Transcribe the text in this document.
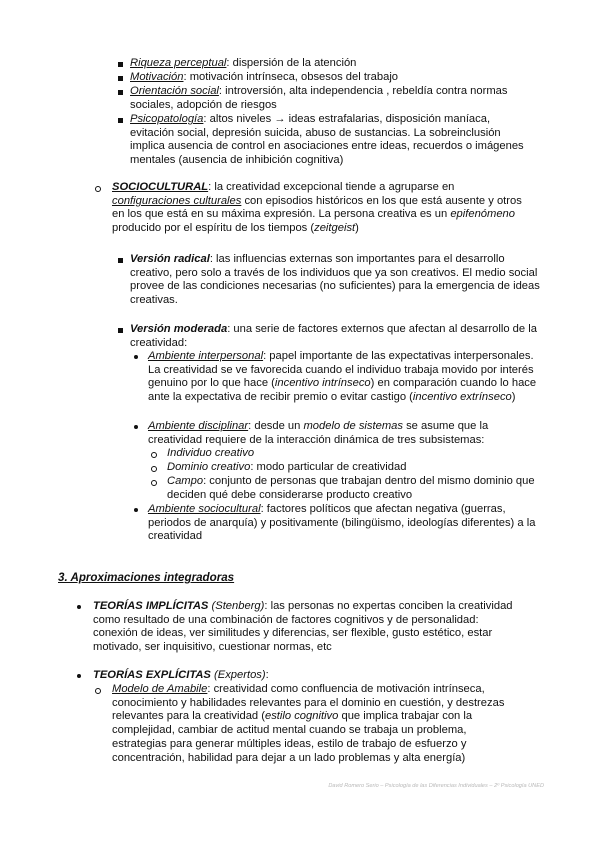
Riqueza perceptual: dispersión de la atención
Motivación: motivación intrínseca, obsesos del trabajo
Orientación social: introversión, alta independencia , rebeldía contra normas sociales, adopción de riesgos
Psicopatología: altos niveles → ideas estrafalarias, disposición maníaca, evitación social, depresión suicida, abuso de sustancias. La sobreinclusión implica ausencia de control en asociaciones entre ideas, recuerdos o imágenes mentales (ausencia de inhibición cognitiva)
SOCIOCULTURAL: la creatividad excepcional tiende a agruparse en configuraciones culturales con episodios históricos en los que está ausente y otros en los que está en su máxima expresión. La persona creativa es un epifenómeno producido por el espíritu de los tiempos (zeitgeist)
Versión radical: las influencias externas son importantes para el desarrollo creativo, pero solo a través de los individuos que ya son creativos. El medio social provee de las condiciones necesarias (no suficientes) para la emergencia de ideas creativas.
Versión moderada: una serie de factores externos que afectan al desarrollo de la creatividad:
Ambiente interpersonal: papel importante de las expectativas interpersonales. La creatividad se ve favorecida cuando el individuo trabaja movido por interés genuino por lo que hace (incentivo intrínseco) en comparación cuando lo hace ante la expectativa de recibir premio o evitar castigo (incentivo extrínseco)
Ambiente disciplinar: desde un modelo de sistemas se asume que la creatividad requiere de la interacción dinámica de tres subsistemas:
Individuo creativo
Dominio creativo: modo particular de creatividad
Campo: conjunto de personas que trabajan dentro del mismo dominio que deciden qué debe considerarse producto creativo
Ambiente sociocultural: factores políticos que afectan negativa (guerras, periodos de anarquía) y positivamente (bilingüismo, ideologías diferentes) a la creatividad
3. Aproximaciones integradoras
TEORÍAS IMPLÍCITAS (Stenberg): las personas no expertas conciben la creatividad como resultado de una combinación de factores cognitivos y de personalidad: conexión de ideas, ver similitudes y diferencias, ser flexible, gusto estético, estar motivado, ser inquisitivo, cuestionar normas, etc
TEORÍAS EXPLÍCITAS (Expertos):
Modelo de Amabile: creatividad como confluencia de motivación intrínseca, conocimiento y habilidades relevantes para el dominio en cuestión, y destrezas relevantes para la creatividad (estilo cognitivo que implica trabajar con la complejidad, cambiar de actitud mental cuando se trabaja un problema, estrategias para generar múltiples ideas, estilo de trabajo de esfuerzo y concentración, habilidad para dejar a un lado problemas y alta energía)
David Romero Serio – Psicología de las Diferencias Individuales – 2º Psicología UNED
